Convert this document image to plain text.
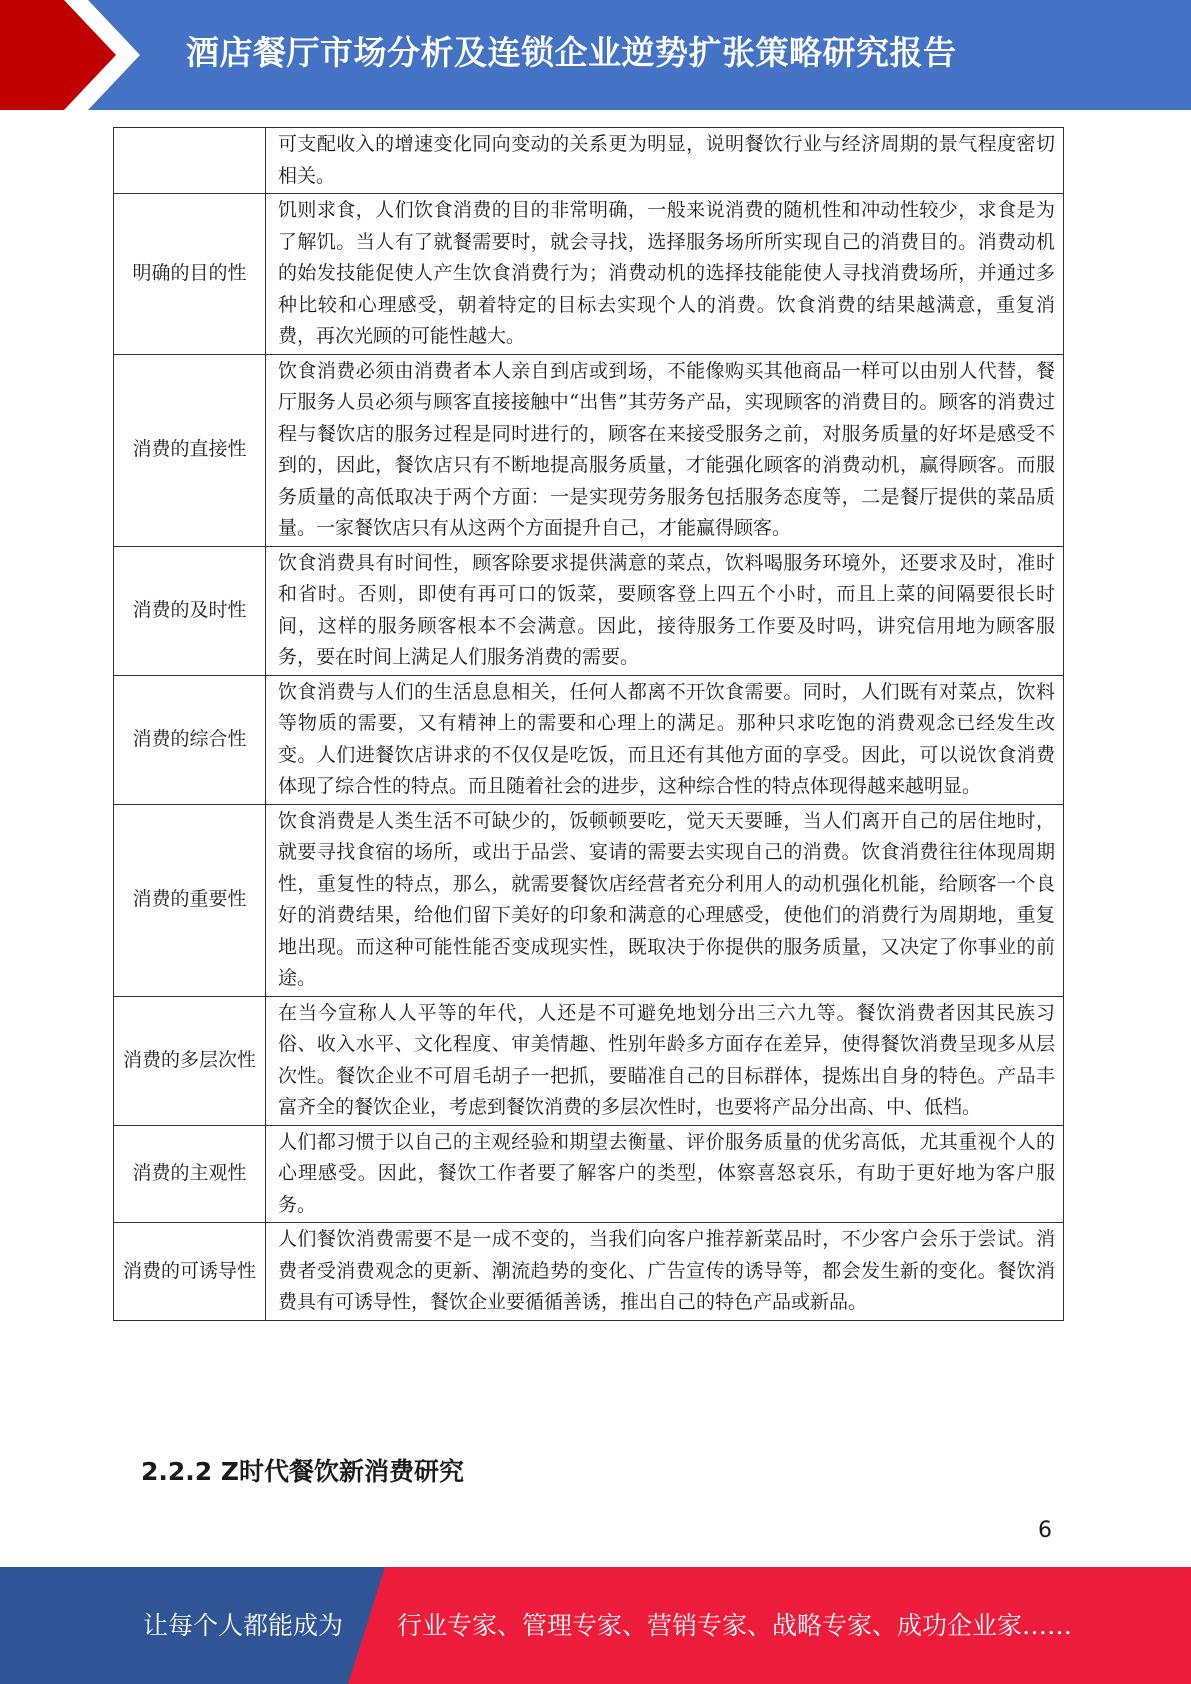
酒店餐厅市场分析及连锁企业逆势扩张策略研究报告
	可支配收入的增速变化同向变动的关系更为明显，说明餐饮行业与经济周期的景气程度密切相关。
明确的目的性	饥则求食，人们饮食消费的目的非常明确，一般来说消费的随机性和冲动性较少，求食是为了解饥。当人有了就餐需要时，就会寻找，选择服务场所所实现自己的消费目的。消费动机的始发技能促使人产生饮食消费行为；消费动机的选择技能能使人寻找消费场所，并通过多种比较和心理感受，朝着特定的目标去实现个人的消费。饮食消费的结果越满意，重复消费，再次光顾的可能性越大。
消费的直接性	饮食消费必须由消费者本人亲自到店或到场，不能像购买其他商品一样可以由别人代替，餐厅服务人员必须与顾客直接接触中“出售”其劳务产品，实现顾客的消费目的。顾客的消费过程与餐饮店的服务过程是同时进行的，顾客在来接受服务之前，对服务质量的好坏是感受不到的，因此，餐饮店只有不断地提高服务质量，才能强化顾客的消费动机，赢得顾客。而服务质量的高低取决于两个方面：一是实现劳务服务包括服务态度等，二是餐厅提供的菜品质量。一家餐饮店只有从这两个方面提升自己，才能赢得顾客。
消费的及时性	饮食消费具有时间性，顾客除要求提供满意的菜点，饮料喝服务环境外，还要求及时，准时和省时。否则，即使有再可口的饭菜，要顾客登上四五个小时，而且上菜的间隔要很长时间，这样的服务顾客根本不会满意。因此，接待服务工作要及时吗，讲究信用地为顾客服务，要在时间上满足人们服务消费的需要。
消费的综合性	饮食消费与人们的生活息息相关，任何人都离不开饮食需要。同时，人们既有对菜点，饮料等物质的需要，又有精神上的需要和心理上的满足。那种只求吃饱的消费观念已经发生改变。人们进餐饮店讲求的不仅仅是吃饭，而且还有其他方面的享受。因此，可以说饮食消费体现了综合性的特点。而且随着社会的进步，这种综合性的特点体现得越来越明显。
消费的重要性	饮食消费是人类生活不可缺少的，饭顿顿要吃，觉天天要睡，当人们离开自己的居住地时，就要寻找食宿的场所，或出于品尝、宴请的需要去实现自己的消费。饮食消费往往体现周期性，重复性的特点，那么，就需要餐饮店经营者充分利用人的动机强化机能，给顾客一个良好的消费结果，给他们留下美好的印象和满意的心理感受，使他们的消费行为周期地，重复地出现。而这种可能性能否变成现实性，既取决于你提供的服务质量，又决定了你事业的前途。
消费的多层次性	在当今宣称人人平等的年代，人还是不可避免地划分出三六九等。餐饮消费者因其民族习俗、收入水平、文化程度、审美情趣、性别年龄多方面存在差异，使得餐饮消费呈现多从层次性。餐饮企业不可眉毛胡子一把抓，要瞄准自己的目标群体，提炼出自身的特色。产品丰富齐全的餐饮企业，考虑到餐饮消费的多层次性时，也要将产品分出高、中、低档。
消费的主观性	人们都习惯于以自己的主观经验和期望去衡量、评价服务质量的优劣高低，尤其重视个人的心理感受。因此，餐饮工作者要了解客户的类型，体察喜怒哀乐，有助于更好地为客户服务。
消费的可诱导性	人们餐饮消费需要不是一成不变的，当我们向客户推荐新菜品时，不少客户会乐于尝试。消费者受消费观念的更新、潮流趋势的变化、广告宣传的诱导等，都会发生新的变化。餐饮消费具有可诱导性，餐饮企业要循循善诱，推出自己的特色产品或新品。
2.2.2 Z时代餐饮新消费研究
6
让每个人都能成为 行业专家、管理专家、营销专家、战略专家、成功企业家……
